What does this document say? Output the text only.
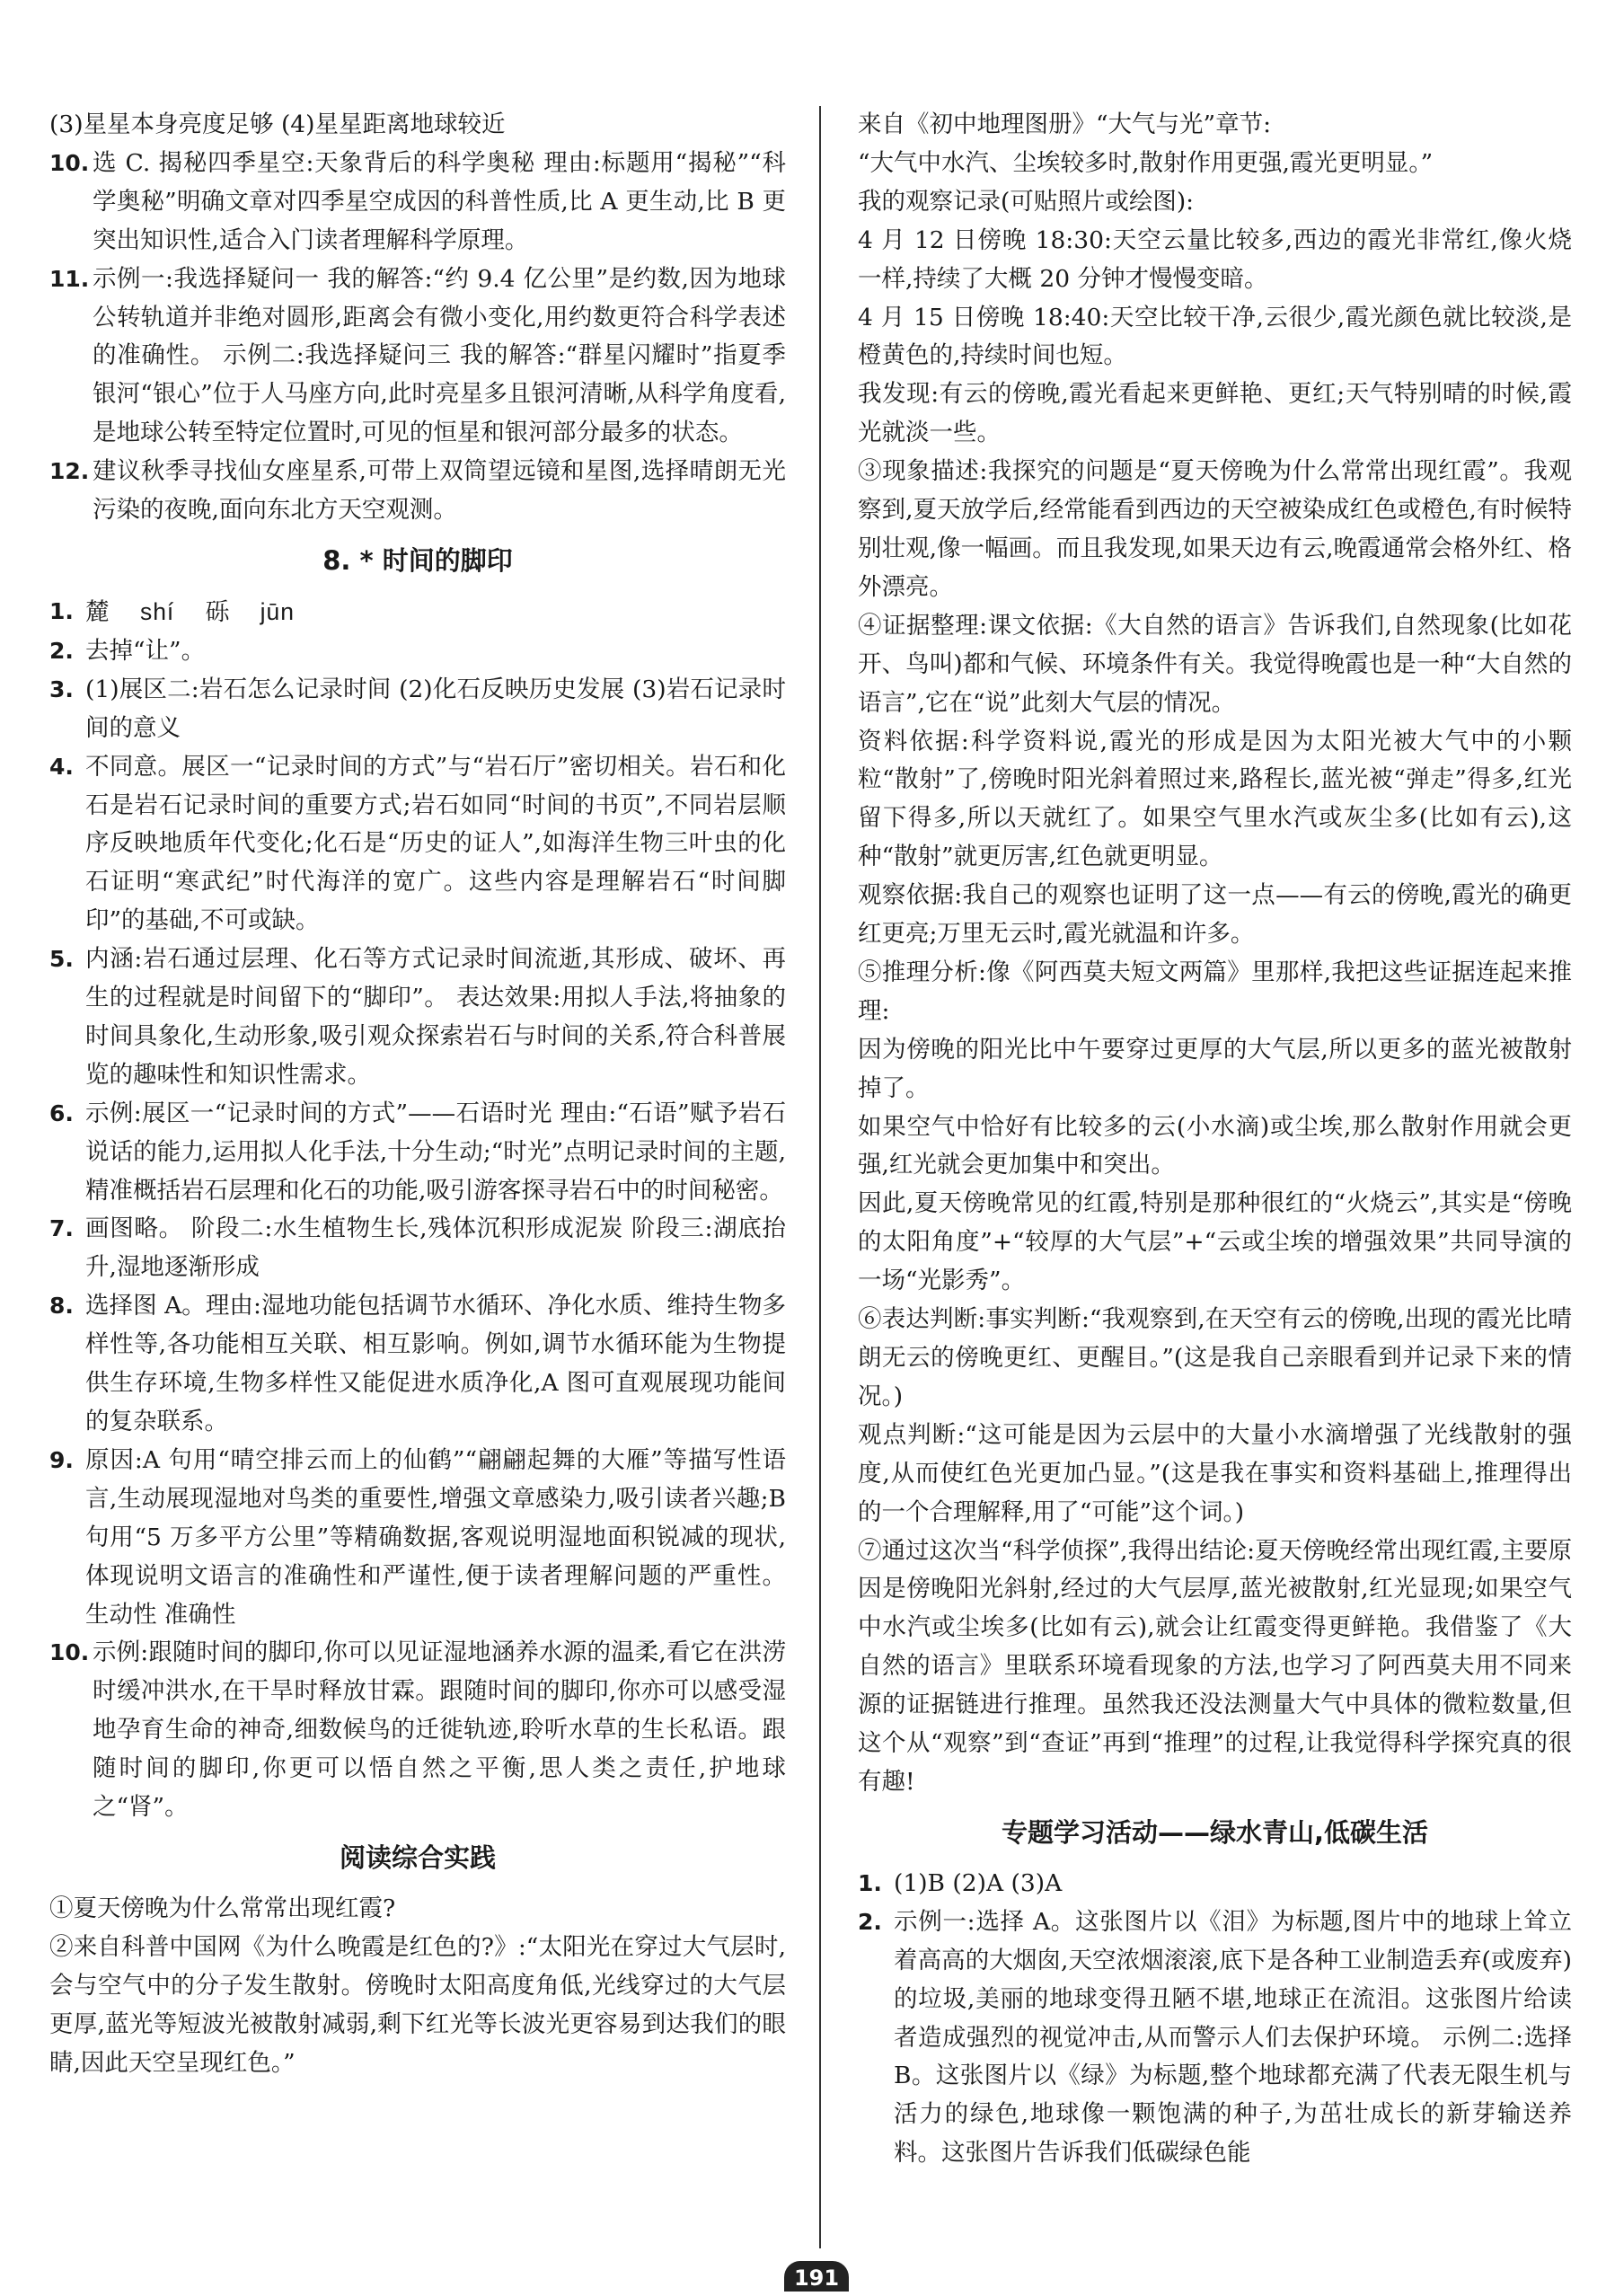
(3)星星本身亮度足够 (4)星星距离地球较近
10. 选 C. 揭秘四季星空:天象背后的科学奥秘 理由:标题用“揭秘”“科学奥秘”明确文章对四季星空成因的科普性质,比 A 更生动,比 B 更突出知识性,适合入门读者理解科学原理。
11. 示例一:我选择疑问一 我的解答:“约 9.4 亿公里”是约数,因为地球公转轨道并非绝对圆形,距离会有微小变化,用约数更符合科学表述的准确性。 示例二:我选择疑问三 我的解答:“群星闪耀时”指夏季银河“银心”位于人马座方向,此时亮星多且银河清晰,从科学角度看,是地球公转至特定位置时,可见的恒星和银河部分最多的状态。
12. 建议秋季寻找仙女座星系,可带上双筒望远镜和星图,选择晴朗无光污染的夜晚,面向东北方天空观测。
8. * 时间的脚印
1. 麓 shí 砾 jūn
2. 去掉“让”。
3. (1)展区二:岩石怎么记录时间 (2)化石反映历史发展 (3)岩石记录时间的意义
4. 不同意。展区一“记录时间的方式”与“岩石厅”密切相关。岩石和化石是岩石记录时间的重要方式;岩石如同“时间的书页”,不同岩层顺序反映地质年代变化;化石是“历史的证人”,如海洋生物三叶虫的化石证明“寒武纪”时代海洋的宽广。这些内容是理解岩石“时间脚印”的基础,不可或缺。
5. 内涵:岩石通过层理、化石等方式记录时间流逝,其形成、破坏、再生的过程就是时间留下的“脚印”。 表达效果:用拟人手法,将抽象的时间具象化,生动形象,吸引观众探索岩石与时间的关系,符合科普展览的趣味性和知识性需求。
6. 示例:展区一“记录时间的方式”——石语时光 理由:“石语”赋予岩石说话的能力,运用拟人化手法,十分生动;“时光”点明记录时间的主题,精准概括岩石层理和化石的功能,吸引游客探寻岩石中的时间秘密。
7. 画图略。 阶段二:水生植物生长,残体沉积形成泥炭 阶段三:湖底抬升,湿地逐渐形成
8. 选择图 A。理由:湿地功能包括调节水循环、净化水质、维持生物多样性等,各功能相互关联、相互影响。例如,调节水循环能为生物提供生存环境,生物多样性又能促进水质净化,A 图可直观展现功能间的复杂联系。
9. 原因:A 句用“晴空排云而上的仙鹤”“翩翩起舞的大雁”等描写性语言,生动展现湿地对鸟类的重要性,增强文章感染力,吸引读者兴趣;B 句用“5 万多平方公里”等精确数据,客观说明湿地面积锐减的现状,体现说明文语言的准确性和严谨性,便于读者理解问题的严重性。 生动性 准确性
10. 示例:跟随时间的脚印,你可以见证湿地涵养水源的温柔,看它在洪涝时缓冲洪水,在干旱时释放甘霖。跟随时间的脚印,你亦可以感受湿地孕育生命的神奇,细数候鸟的迁徙轨迹,聆听水草的生长私语。跟随时间的脚印,你更可以悟自然之平衡,思人类之责任,护地球之“肾”。
阅读综合实践
①夏天傍晚为什么常常出现红霞?
②来自科普中国网《为什么晚霞是红色的?》:“太阳光在穿过大气层时,会与空气中的分子发生散射。傍晚时太阳高度角低,光线穿过的大气层更厚,蓝光等短波光被散射减弱,剩下红光等长波光更容易到达我们的眼睛,因此天空呈现红色。”
来自《初中地理图册》“大气与光”章节:
“大气中水汽、尘埃较多时,散射作用更强,霞光更明显。”
我的观察记录(可贴照片或绘图):
4 月 12 日傍晚 18:30:天空云量比较多,西边的霞光非常红,像火烧一样,持续了大概 20 分钟才慢慢变暗。
4 月 15 日傍晚 18:40:天空比较干净,云很少,霞光颜色就比较淡,是橙黄色的,持续时间也短。
我发现:有云的傍晚,霞光看起来更鲜艳、更红;天气特别晴的时候,霞光就淡一些。
③现象描述:我探究的问题是“夏天傍晚为什么常常出现红霞”。我观察到,夏天放学后,经常能看到西边的天空被染成红色或橙色,有时候特别壮观,像一幅画。而且我发现,如果天边有云,晚霞通常会格外红、格外漂亮。
④证据整理:课文依据:《大自然的语言》告诉我们,自然现象(比如花开、鸟叫)都和气候、环境条件有关。我觉得晚霞也是一种“大自然的语言”,它在“说”此刻大气层的情况。
资料依据:科学资料说,霞光的形成是因为太阳光被大气中的小颗粒“散射”了,傍晚时阳光斜着照过来,路程长,蓝光被“弹走”得多,红光留下得多,所以天就红了。如果空气里水汽或灰尘多(比如有云),这种“散射”就更厉害,红色就更明显。
观察依据:我自己的观察也证明了这一点——有云的傍晚,霞光的确更红更亮;万里无云时,霞光就温和许多。
⑤推理分析:像《阿西莫夫短文两篇》里那样,我把这些证据连起来推理:
因为傍晚的阳光比中午要穿过更厚的大气层,所以更多的蓝光被散射掉了。
如果空气中恰好有比较多的云(小水滴)或尘埃,那么散射作用就会更强,红光就会更加集中和突出。
因此,夏天傍晚常见的红霞,特别是那种很红的“火烧云”,其实是“傍晚的太阳角度”+“较厚的大气层”+“云或尘埃的增强效果”共同导演的一场“光影秀”。
⑥表达判断:事实判断:“我观察到,在天空有云的傍晚,出现的霞光比晴朗无云的傍晚更红、更醒目。”(这是我自己亲眼看到并记录下来的情况。)
观点判断:“这可能是因为云层中的大量小水滴增强了光线散射的强度,从而使红色光更加凸显。”(这是我在事实和资料基础上,推理得出的一个合理解释,用了“可能”这个词。)
⑦通过这次当“科学侦探”,我得出结论:夏天傍晚经常出现红霞,主要原因是傍晚阳光斜射,经过的大气层厚,蓝光被散射,红光显现;如果空气中水汽或尘埃多(比如有云),就会让红霞变得更鲜艳。我借鉴了《大自然的语言》里联系环境看现象的方法,也学习了阿西莫夫用不同来源的证据链进行推理。虽然我还没法测量大气中具体的微粒数量,但这个从“观察”到“查证”再到“推理”的过程,让我觉得科学探究真的很有趣!
专题学习活动——绿水青山,低碳生活
1. (1)B (2)A (3)A
2. 示例一:选择 A。这张图片以《泪》为标题,图片中的地球上耸立着高高的大烟囱,天空浓烟滚滚,底下是各种工业制造丢弃(或废弃)的垃圾,美丽的地球变得丑陋不堪,地球正在流泪。这张图片给读者造成强烈的视觉冲击,从而警示人们去保护环境。 示例二:选择 B。这张图片以《绿》为标题,整个地球都充满了代表无限生机与活力的绿色,地球像一颗饱满的种子,为茁壮成长的新芽输送养料。这张图片告诉我们低碳绿色能
191
